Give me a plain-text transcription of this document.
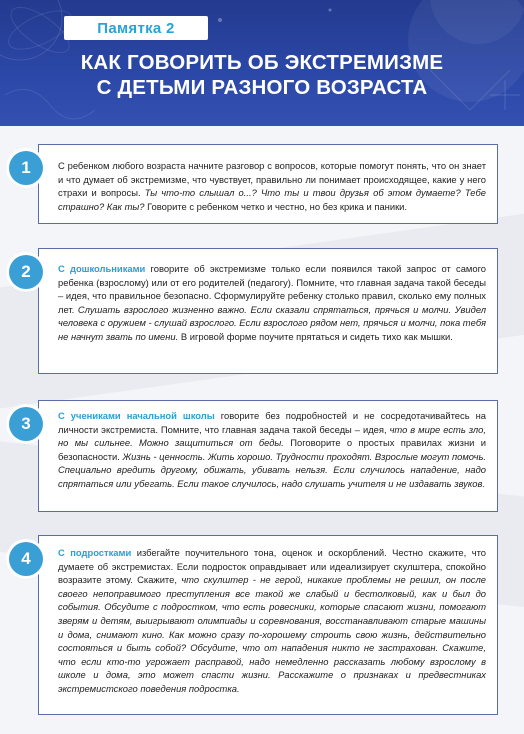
Памятка 2
КАК ГОВОРИТЬ ОБ ЭКСТРЕМИЗМЕ
С ДЕТЬМИ РАЗНОГО ВОЗРАСТА
1	С ребенком любого возраста начните разговор с вопросов, которые помогут понять, что он знает и что думает об экстремизме, что чувствует, правильно ли понимает происходящее, какие у него страхи и вопросы. Ты что-то слышал о...? Что ты и твои друзья об этом думаете? Тебе страшно? Как ты? Говорите с ребенком четко и честно, но без крика и паники.
2	С дошкольниками говорите об экстремизме только если появился такой запрос от самого ребенка (взрослому) или от его родителей (педагогу). Помните, что главная задача такой беседы – идея, что правильное безопасно. Сформулируйте ребенку столько правил, сколько ему полных лет. Слушать взрослого жизненно важно. Если сказали спрятаться, прячься и молчи. Увидел человека с оружием - слушай взрослого. Если взрослого рядом нет, прячься и молчи, пока тебя не начнут звать по имени. В игровой форме поучите прятаться и сидеть тихо как мышки.
3	С учениками начальной школы говорите без подробностей и не сосредотачивайтесь на личности экстремиста. Помните, что главная задача такой беседы – идея, что в мире есть зло, но мы сильнее. Можно защититься от беды. Поговорите о простых правилах жизни и безопасности. Жизнь - ценность. Жить хорошо. Трудности проходят. Взрослые могут помочь. Специально вредить другому, обижать, убивать нельзя. Если случилось нападение, надо спрятаться или убегать. Если такое случилось, надо слушать учителя и не издавать звуков.
4	С подростками избегайте поучительного тона, оценок и оскорблений. Честно скажите, что думаете об экстремистах. Если подросток оправдывает или идеализирует скулштера, спокойно возразите этому. Скажите, что скулштер - не герой, никакие проблемы не решил, он после своего непоправимого преступления все такой же слабый и бестолковый, как и был до события. Обсудите с подростком, что есть ровесники, которые спасают жизни, помогают зверям и детям, выигрывают олимпиады и соревнования, восстанавливают старые машины и дома, снимают кино. Как можно сразу по-хорошему строить свою жизнь, действительно состояться и быть собой? Обсудите, что от нападения никто не застрахован. Скажите, что если кто-то угрожает расправой, надо немедленно рассказать любому взрослому в школе и дома, это может спасти жизни. Расскажите о признаках и предвестниках экстремистского поведения подростка.
